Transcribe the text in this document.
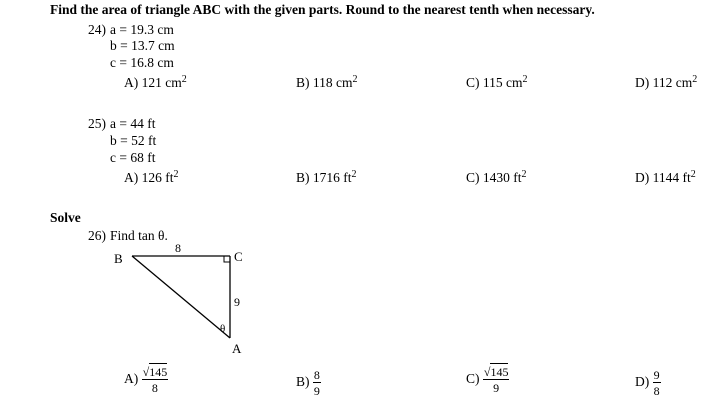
Find the area of triangle ABC with the given parts. Round to the nearest tenth when necessary.
24) a = 19.3 cm
b = 13.7 cm
c = 16.8 cm
A) 121 $cm^2$	B) 118 $cm^2$	C) 115 $cm^2$	D) 112 $cm^2$
25) a = 44 ft
b = 52 ft
c = 68 ft
A) 126 $ft^2$	B) 1716 $ft^2$	C) 1430 $ft^2$	D) 1144 $ft^2$
Solve
26) Find tan θ.
B	C
A
8
9
θ
$A) \frac{√145}{8}$	$B) \frac{8}{9}$	$C) \frac{√145}{9}$	$D) \frac{9}{8}$
